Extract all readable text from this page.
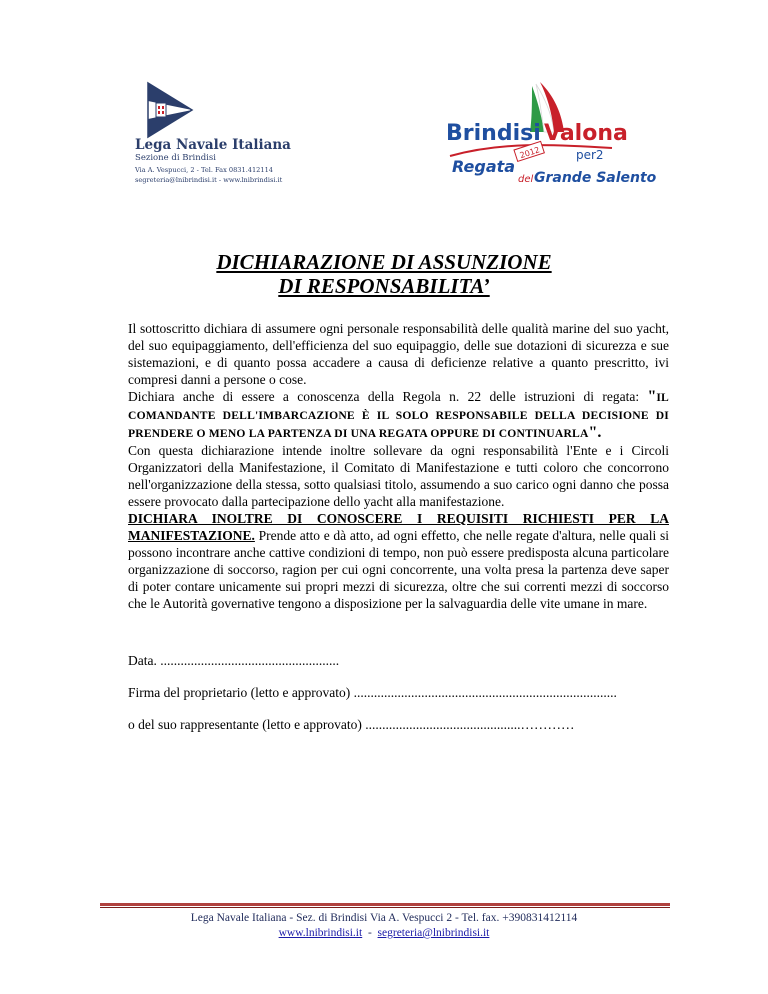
Lega Navale Italiana
Sezione di Brindisi
Via A. Vespucci, 2 - Tel. Fax 0831.412114
segreteria@lnibrindisi.it - www.lnibrindisi.it
Brindisi Valona
per2
2012
Regata
del Grande Salento
DICHIARAZIONE DI ASSUNZIONE
DI RESPONSABILITA’

Il sottoscritto dichiara di assumere ogni personale responsabilità delle qualità marine del suo yacht, del suo equipaggiamento, dell'efficienza del suo equipaggio, delle sue dotazioni di sicurezza e sue sistemazioni, e di quanto possa accadere a causa di deficienze relative a quanto prescritto, ivi compresi danni a persone o cose.

Dichiara anche di essere a conoscenza della Regola n. 22 delle istruzioni di regata: "IL COMANDANTE DELL'IMBARCAZIONE È IL SOLO RESPONSABILE DELLA DECISIONE DI PRENDERE O MENO LA PARTENZA DI UNA REGATA OPPURE DI CONTINUARLA".

Con questa dichiarazione intende inoltre sollevare da ogni responsabilità l'Ente e i Circoli Organizzatori della Manifestazione, il Comitato di Manifestazione e tutti coloro che concorrono nell'organizzazione della stessa, sotto qualsiasi titolo, assumendo a suo carico ogni danno che possa essere provocato dalla partecipazione dello yacht alla manifestazione.

DICHIARA INOLTRE DI CONOSCERE I REQUISITI RICHIESTI PER LA MANIFESTAZIONE. Prende atto e dà atto, ad ogni effetto, che nelle regate d'altura, nelle quali si possono incontrare anche cattive condizioni di tempo, non può essere predisposta alcuna particolare organizzazione di soccorso, ragion per cui ogni concorrente, una volta presa la partenza deve saper di poter contare unicamente sui propri mezzi di sicurezza, oltre che sui correnti mezzi di soccorso che le Autorità governative tengono a disposizione per la salvaguardia delle vite umane in mare.

Data. .....................................................
Firma del proprietario (letto e approvato) ..............................................................................
o del suo rappresentante (letto e approvato) ..............................................…………
Lega Navale Italiana - Sez. di Brindisi Via A. Vespucci 2 - Tel. fax. +390831412114
www.lnibrindisi.it  -  segreteria@lnibrindisi.it
